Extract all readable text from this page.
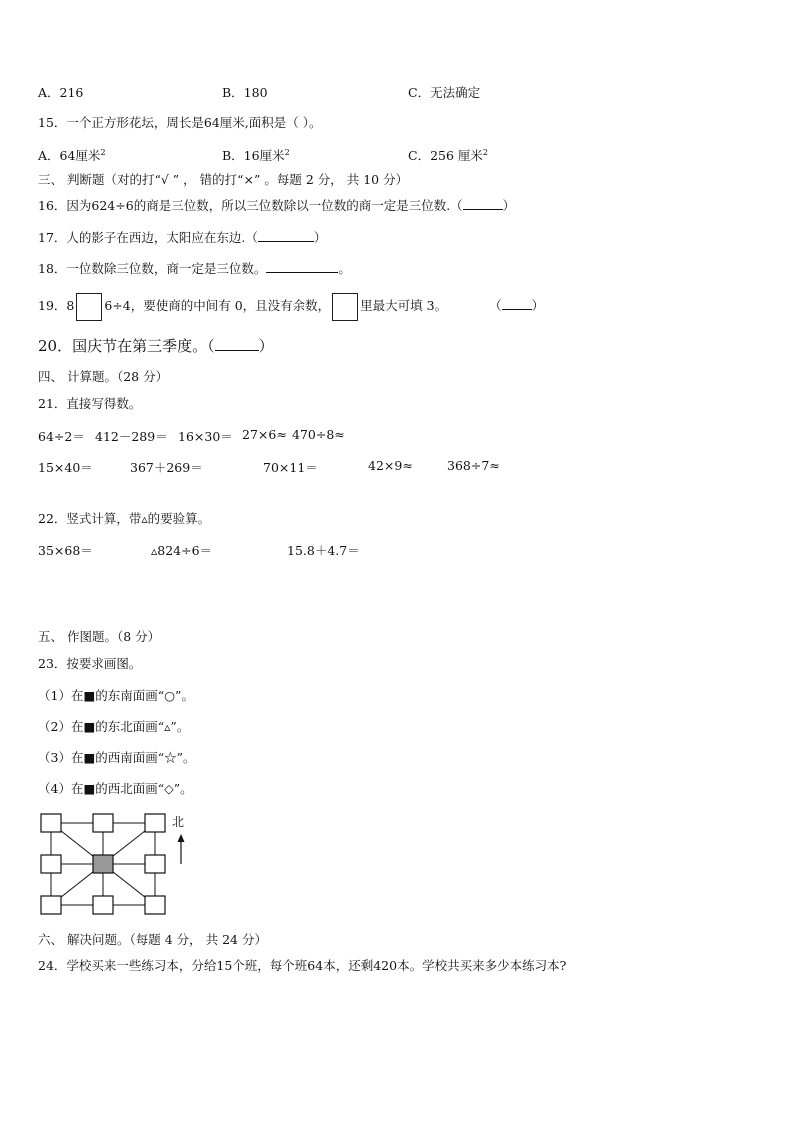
A．216	B．180	C．无法确定
15．一个正方形花坛，周长是64厘米,面积是（ ）。
A．64厘米$^2$	B．16厘米$^2$	C．256 厘米$^2$
三、 判断题（对的打“√ ” ， 错的打“×” 。每题 2 分， 共 10 分）
16．因为624÷6的商是三位数，所以三位数除以一位数的商一定是三位数.（	）
17．人的影子在西边，太阳应在东边.（	）
18．一位数除三位数，商一定是三位数。	。
19．8 6÷4，要使商的中间有 0，且没有余数， 里最大可填 3。	（ ）
20．国庆节在第三季度。（	）
四、 计算题。（28 分）
21．直接写得数。
64÷2＝ 412－289＝ 16×30＝ 27×6≈ 470÷8≈
15×40＝	367＋269＝	70×11＝	42×9≈	368÷7≈
22．竖式计算，带▵的要验算。
35×68＝	▵824÷6＝	15.8＋4.7＝
五、 作图题。（8 分）
23．按要求画图。
（1）在■的东南面画“○”。
（2）在■的东北面画“▵”。
（3）在■的西南面画“☆”。
（4）在■的西北面画“◇”。
北
六、 解决问题。（每题 4 分， 共 24 分）
24．学校买来一些练习本，分给15个班，每个班64本，还剩420本。学校共买来多少本练习本?
